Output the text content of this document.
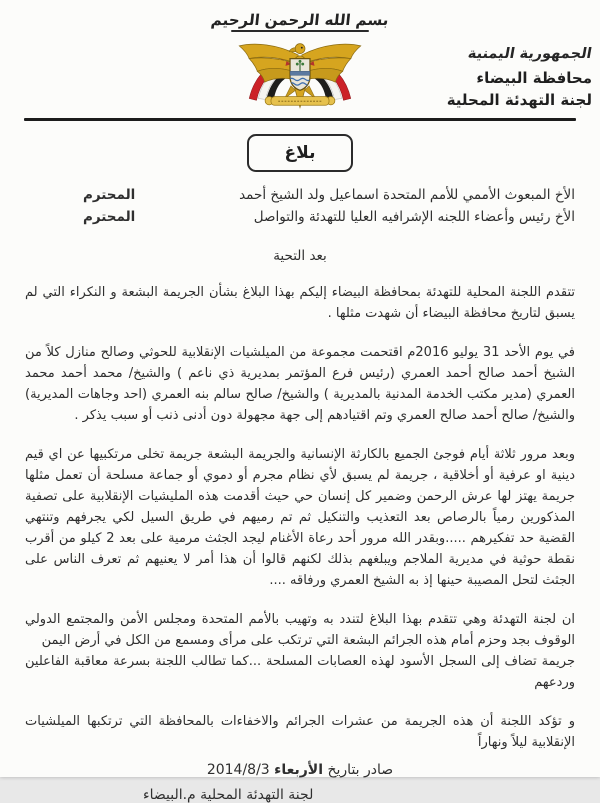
بسم الله الرحمن الرحيم
الجمهورية اليمنية
محافظة البيضاء
لجنة التهدئة المحلية
بلاغ
الأخ المبعوث الأممي للأمم المتحدة اسماعيل ولد الشيخ أحمد
المحترم
الأخ رئيس وأعضاء اللجنه الإشرافيه العليا للتهدئة والتواصل
المحترم
بعد التحية

تتقدم اللجنة المحلية للتهدئة بمحافظة البيضاء إليكم بهذا البلاغ بشأن الجريمة البشعة و النكراء التي لم يسبق لتاريخ محافظة البيضاء أن شهدت مثلها .

في يوم الأحد 31 يوليو 2016م اقتحمت مجموعة من الميلشيات الإنقلابية للحوثي وصالح منازل كلاً من الشيخ أحمد صالح أحمد العمري (رئيس فرع المؤتمر بمديرية ذي ناعم ) والشيخ/ محمد أحمد محمد العمري (مدير مكتب الخدمة المدنية بالمديرية ) والشيخ/ صالح سالم بنه العمري (احد وجاهات المديرية) والشيخ/ صالح أحمد صالح العمري وتم اقتيادهم إلى جهة مجهولة دون أدنى ذنب أو سبب يذكر .

وبعد مرور ثلاثة أيام فوجئ الجميع بالكارثة الإنسانية والجريمة البشعة جريمة تخلى مرتكبيها عن اي قيم دينية او عرفية أو أخلاقية ، جريمة لم يسبق لأي نظام مجرم أو دموي أو جماعة مسلحة أن تعمل مثلها جريمة يهتز لها عرش الرحمن وضمير كل إنسان حي حيث أقدمت هذه المليشيات الإنقلابية على تصفية المذكورين رمياً بالرصاص بعد التعذيب والتنكيل ثم تم رميهم في طريق السيل لكي يجرفهم وتنتهي القضية حد تفكيرهم .....وبقدر الله مرور أحد رعاة الأغنام ليجد الجثث مرمية على بعد 2 كيلو من أقرب نقطة حوثية في مديرية الملاجم ويبلغهم بذلك لكنهم قالوا أن هذا أمر لا يعنيهم ثم تعرف الناس على الجثث لتحل المصيبة حينها إذ به الشيخ العمري ورفاقه ....

ان لجنة التهدئة وهي تتقدم بهذا البلاغ لتندد به وتهيب بالأمم المتحدة ومجلس الأمن والمجتمع الدولي الوقوف بجد وحزم أمام هذه الجرائم البشعة التي ترتكب على مرأى ومسمع من الكل في أرض اليمن

جريمة تضاف إلى السجل الأسود لهذه العصابات المسلحة ...كما تطالب اللجنة بسرعة معاقبة الفاعلين وردعهم

و تؤكد اللجنة أن هذه الجريمة من عشرات الجرائم والاخفاءات بالمحافظة التي ترتكبها الميلشيات الإنقلابية ليلاً ونهاراً

صادر بتاريخ الأربعاء 2014/8/3
لجنة التهدئة المحلية م.البيضاء
